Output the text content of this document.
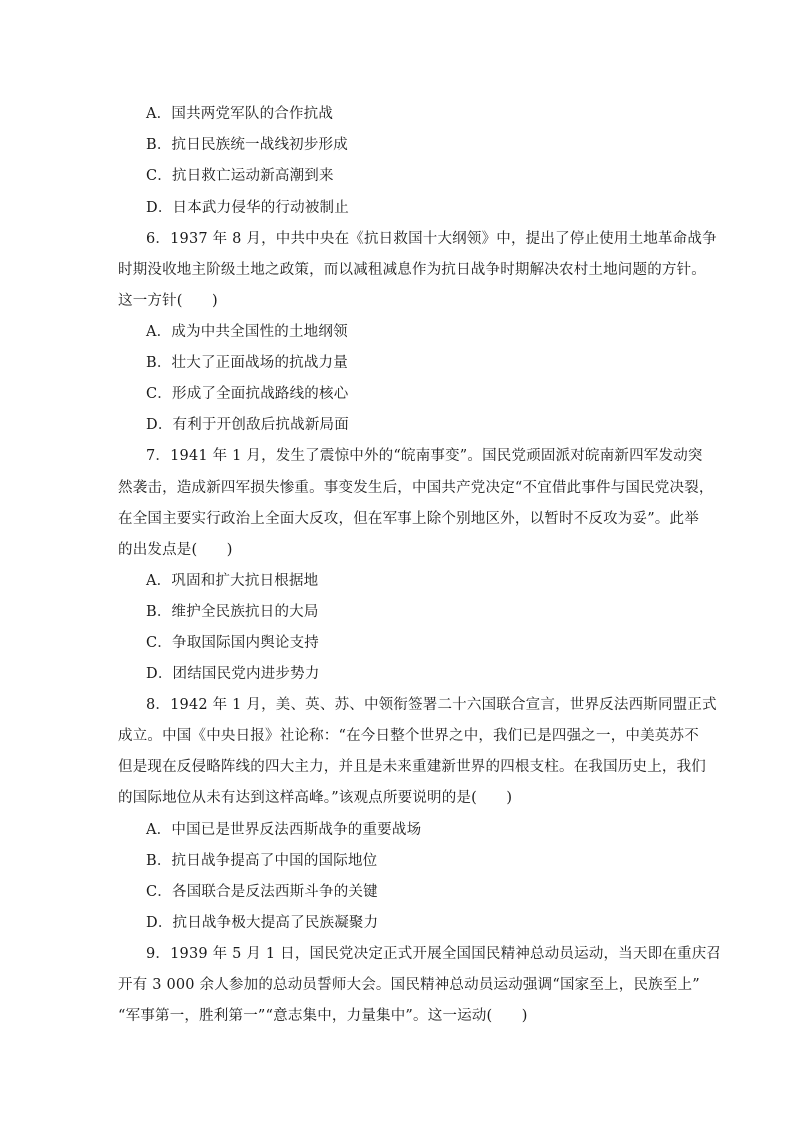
A．国共两党军队的合作抗战
B．抗日民族统一战线初步形成
C．抗日救亡运动新高潮到来
D．日本武力侵华的行动被制止
6．1937 年 8 月，中共中央在《抗日救国十大纲领》中，提出了停止使用土地革命战争
时期没收地主阶级土地之政策，而以减租减息作为抗日战争时期解决农村土地问题的方针。
这一方针(　　)
A．成为中共全国性的土地纲领
B．壮大了正面战场的抗战力量
C．形成了全面抗战路线的核心
D．有利于开创敌后抗战新局面
7．1941 年 1 月，发生了震惊中外的“皖南事变”。国民党顽固派对皖南新四军发动突
然袭击，造成新四军损失惨重。事变发生后，中国共产党决定“不宜借此事件与国民党决裂，
在全国主要实行政治上全面大反攻，但在军事上除个别地区外，以暂时不反攻为妥”。此举
的出发点是(　　)
A．巩固和扩大抗日根据地
B．维护全民族抗日的大局
C．争取国际国内舆论支持
D．团结国民党内进步势力
8．1942 年 1 月，美、英、苏、中领衔签署二十六国联合宣言，世界反法西斯同盟正式
成立。中国《中央日报》社论称：“在今日整个世界之中，我们已是四强之一，中美英苏不
但是现在反侵略阵线的四大主力，并且是未来重建新世界的四根支柱。在我国历史上，我们
的国际地位从未有达到这样高峰。”该观点所要说明的是(　　)
A．中国已是世界反法西斯战争的重要战场
B．抗日战争提高了中国的国际地位
C．各国联合是反法西斯斗争的关键
D．抗日战争极大提高了民族凝聚力
9．1939 年 5 月 1 日，国民党决定正式开展全国国民精神总动员运动，当天即在重庆召
开有 3 000 余人参加的总动员誓师大会。国民精神总动员运动强调“国家至上，民族至上”
“军事第一，胜利第一”“意志集中，力量集中”。这一运动(　　)
